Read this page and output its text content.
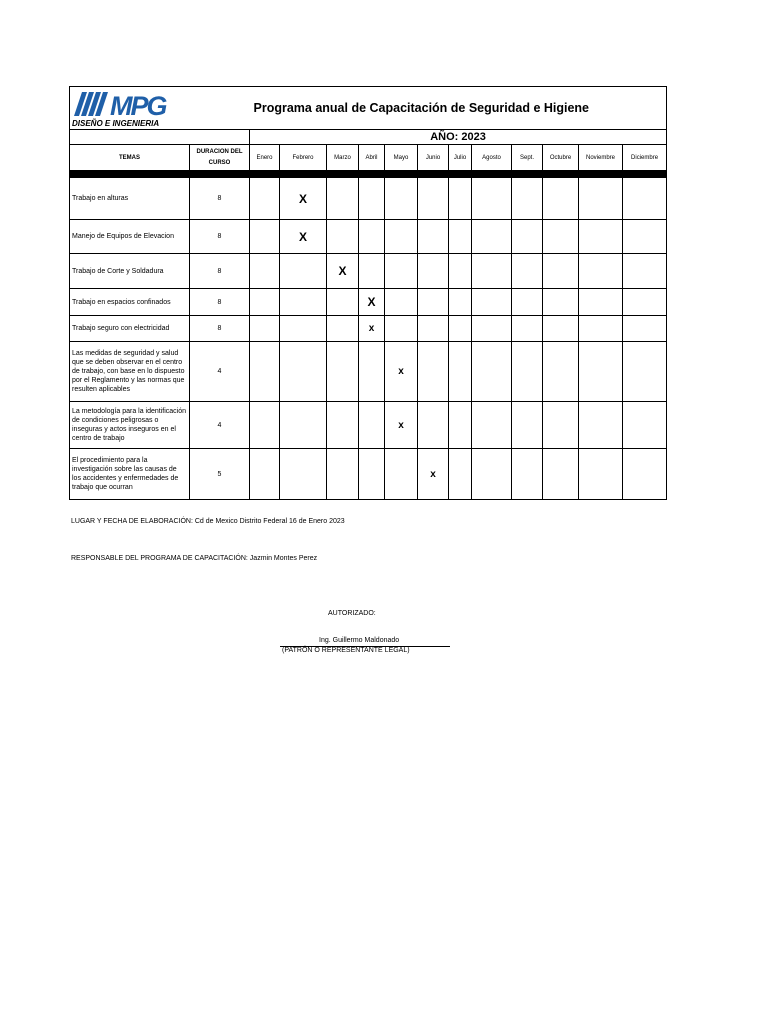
MPG
DISEÑO E INGENIERIA		Programa anual de Capacitación de Seguridad e Higiene											
		AÑO: 2023											
TEMAS	DURACION DEL CURSO	Enero	Febrero	Marzo	Abril	Mayo	Junio	Julio	Agosto	Sept.	Octubre	Noviembre	Diciembre

Trabajo en alturas	8		X										
Manejo de Equipos de Elevacion	8		X										
Trabajo de Corte y Soldadura	8			X									
Trabajo en espacios confinados	8				X								
Trabajo seguro con electricidad	8				x								
Las medidas de seguridad y salud que se deben observar en el centro de trabajo, con base en lo dispuesto por el Reglamento y las normas que resulten aplicables	4					x							
La metodología para la identificación de condiciones peligrosas o inseguras y actos inseguros en el centro de trabajo	4					x							
El procedimiento para la investigación sobre las causas de los accidentes y enfermedades de trabajo que ocurran	5						x						
LUGAR Y FECHA DE ELABORACIÓN: Cd de Mexico Distrito Federal 16 de Enero 2023
RESPONSABLE DEL PROGRAMA DE CAPACITACIÓN: Jazmin Montes Perez
AUTORIZADO:
Ing. Guillermo Maldonado
(PATRÓN O REPRESENTANTE LEGAL)
